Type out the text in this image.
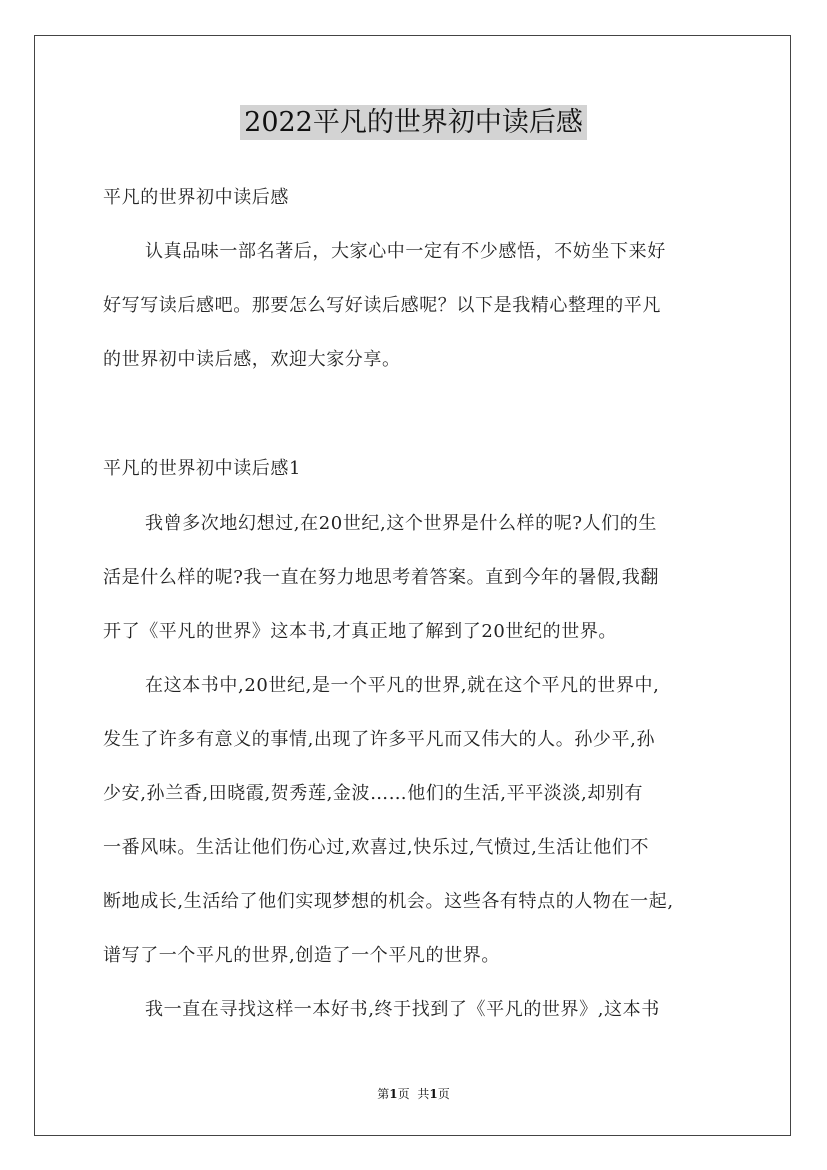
2022平凡的世界初中读后感
平凡的世界初中读后感
认真品味一部名著后，大家心中一定有不少感悟，不妨坐下来好
好写写读后感吧。那要怎么写好读后感呢？以下是我精心整理的平凡
的世界初中读后感，欢迎大家分享。
平凡的世界初中读后感1
我曾多次地幻想过,在20世纪,这个世界是什么样的呢?人们的生
活是什么样的呢?我一直在努力地思考着答案。直到今年的暑假,我翻
开了《平凡的世界》这本书,才真正地了解到了20世纪的世界。
在这本书中,20世纪,是一个平凡的世界,就在这个平凡的世界中,
发生了许多有意义的事情,出现了许多平凡而又伟大的人。孙少平,孙
少安,孙兰香,田晓霞,贺秀莲,金波……他们的生活,平平淡淡,却别有
一番风味。生活让他们伤心过,欢喜过,快乐过,气愤过,生活让他们不
断地成长,生活给了他们实现梦想的机会。这些各有特点的人物在一起,
谱写了一个平凡的世界,创造了一个平凡的世界。
我一直在寻找这样一本好书,终于找到了《平凡的世界》,这本书
第1页 共1页
